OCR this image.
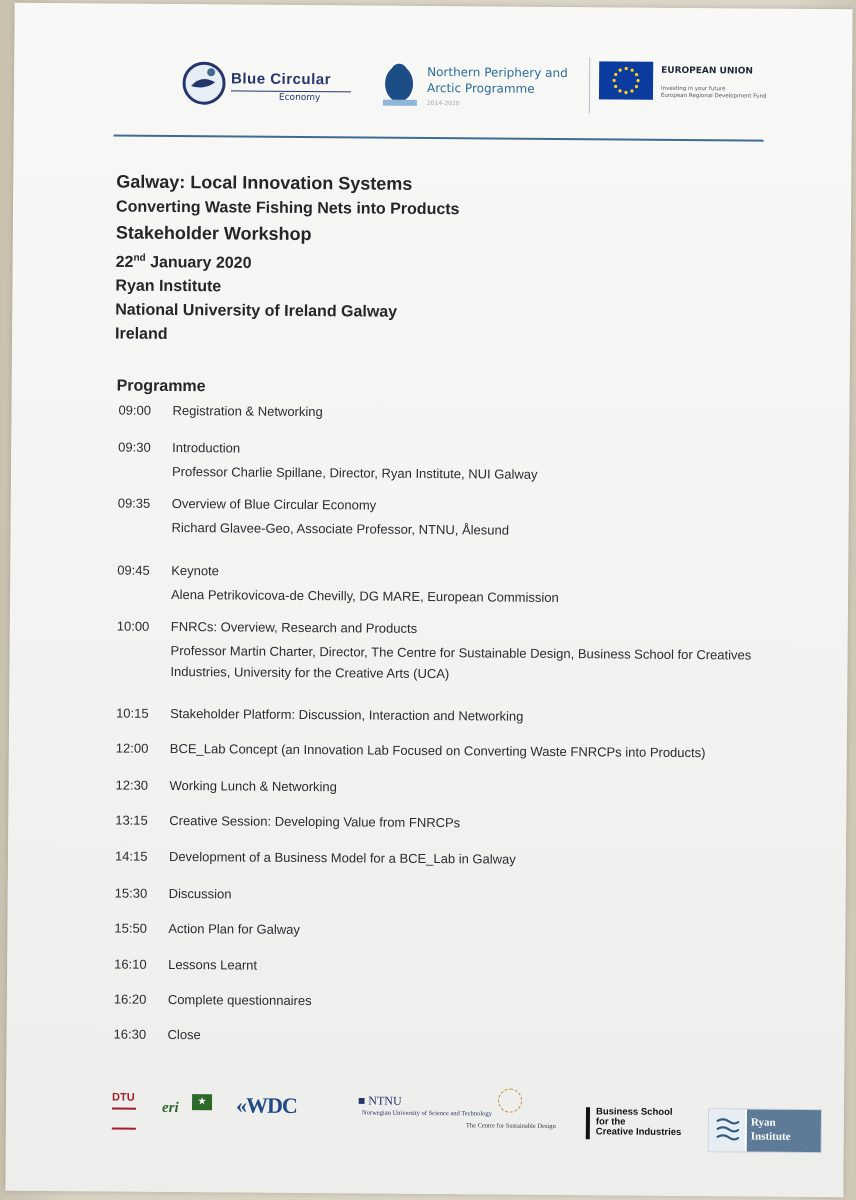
Blue Circular
Economy
Northern Periphery and
Arctic Programme
2014-2020
EUROPEAN UNION
Investing in your future
European Regional Development Fund
Galway: Local Innovation Systems
Converting Waste Fishing Nets into Products
Stakeholder Workshop
22nd January 2020
Ryan Institute
National University of Ireland Galway
Ireland
Programme
09:00 Registration & Networking
09:30 Introduction
Professor Charlie Spillane, Director, Ryan Institute, NUI Galway
09:35 Overview of Blue Circular Economy
Richard Glavee-Geo, Associate Professor, NTNU, Ålesund
09:45 Keynote
Alena Petrikovicova-de Chevilly, DG MARE, European Commission
10:00 FNRCs: Overview, Research and Products
Professor Martin Charter, Director, The Centre for Sustainable Design, Business School for Creatives Industries, University for the Creative Arts (UCA)
10:15 Stakeholder Platform: Discussion, Interaction and Networking
12:00 BCE_Lab Concept (an Innovation Lab Focused on Converting Waste FNRCPs into Products)
12:30 Working Lunch & Networking
13:15 Creative Session: Developing Value from FNRCPs
14:15 Development of a Business Model for a BCE_Lab in Galway
15:30 Discussion
15:50 Action Plan for Galway
16:10 Lessons Learnt
16:20 Complete questionnaires
16:30 Close
DTU
eri	★ «WDC	■ NTNU
Norwegian University of Science and Technology
The Centre for Sustainable Design
Business School
for the
Creative Industries
Ryan
Institute
